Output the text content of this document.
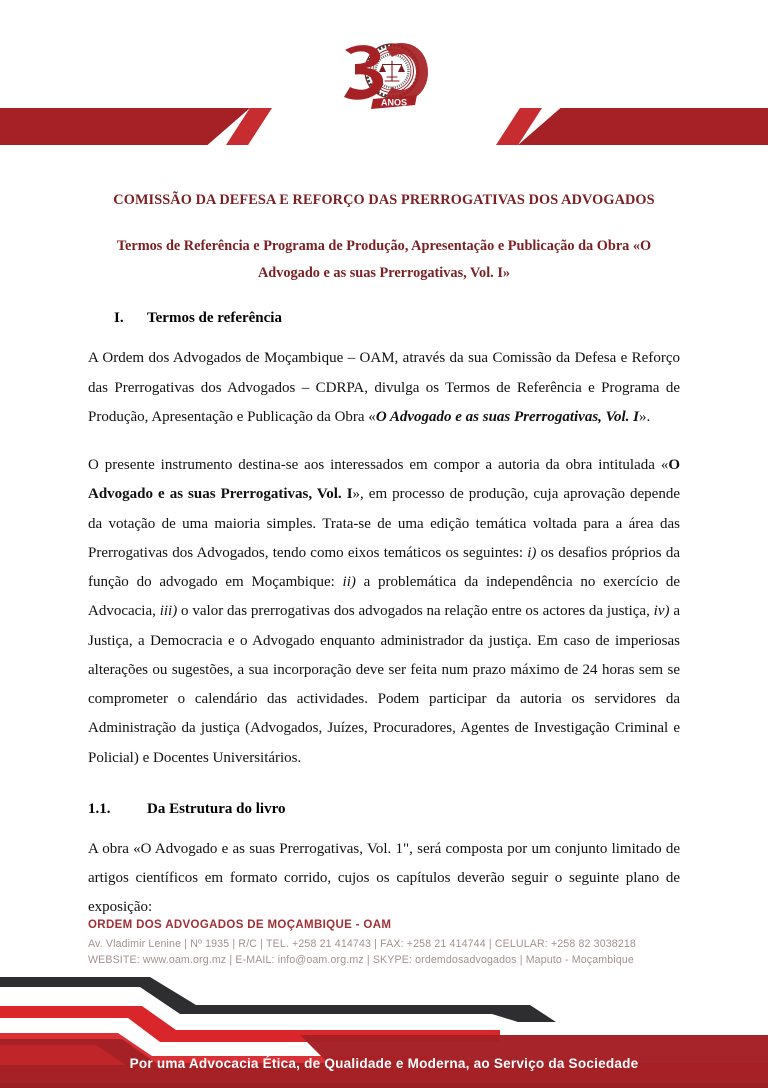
ANOS
COMISSÃO DA DEFESA E REFORÇO DAS PRERROGATIVAS DOS ADVOGADOS
Termos de Referência e Programa de Produção, Apresentação e Publicação da Obra «O Advogado e as suas Prerrogativas, Vol. I»
I.	Termos de referência

A Ordem dos Advogados de Moçambique – OAM, através da sua Comissão da Defesa e Reforço das Prerrogativas dos Advogados – CDRPA, divulga os Termos de Referência e Programa de Produção, Apresentação e Publicação da Obra «O Advogado e as suas Prerrogativas, Vol. I».

O presente instrumento destina-se aos interessados em compor a autoria da obra intitulada «O Advogado e as suas Prerrogativas, Vol. I», em processo de produção, cuja aprovação depende da votação de uma maioria simples. Trata-se de uma edição temática voltada para a área das Prerrogativas dos Advogados, tendo como eixos temáticos os seguintes: i) os desafios próprios da função do advogado em Moçambique: ii) a problemática da independência no exercício de Advocacia, iii) o valor das prerrogativas dos advogados na relação entre os actores da justiça, iv) a Justiça, a Democracia e o Advogado enquanto administrador da justiça. Em caso de imperiosas alterações ou sugestões, a sua incorporação deve ser feita num prazo máximo de 24 horas sem se comprometer o calendário das actividades. Podem participar da autoria os servidores da Administração da justiça (Advogados, Juízes, Procuradores, Agentes de Investigação Criminal e Policial) e Docentes Universitários.

1.1.	Da Estrutura do livro

A obra «O Advogado e as suas Prerrogativas, Vol. 1", será composta por um conjunto limitado de artigos científicos em formato corrido, cujos os capítulos deverão seguir o seguinte plano de exposição:

ORDEM DOS ADVOGADOS DE MOÇAMBIQUE - OAM
Av. Vladimir Lenine | Nº 1935 | R/C | TEL. +258 21 414743 | FAX: +258 21 414744 | CELULAR: +258 82 3038218
WEBSITE: www.oam.org.mz | E-MAIL: info@oam.org.mz | SKYPE: ordemdosadvogados | Maputo - Moçambique
Por uma Advocacia Ética, de Qualidade e Moderna, ao Serviço da Sociedade
